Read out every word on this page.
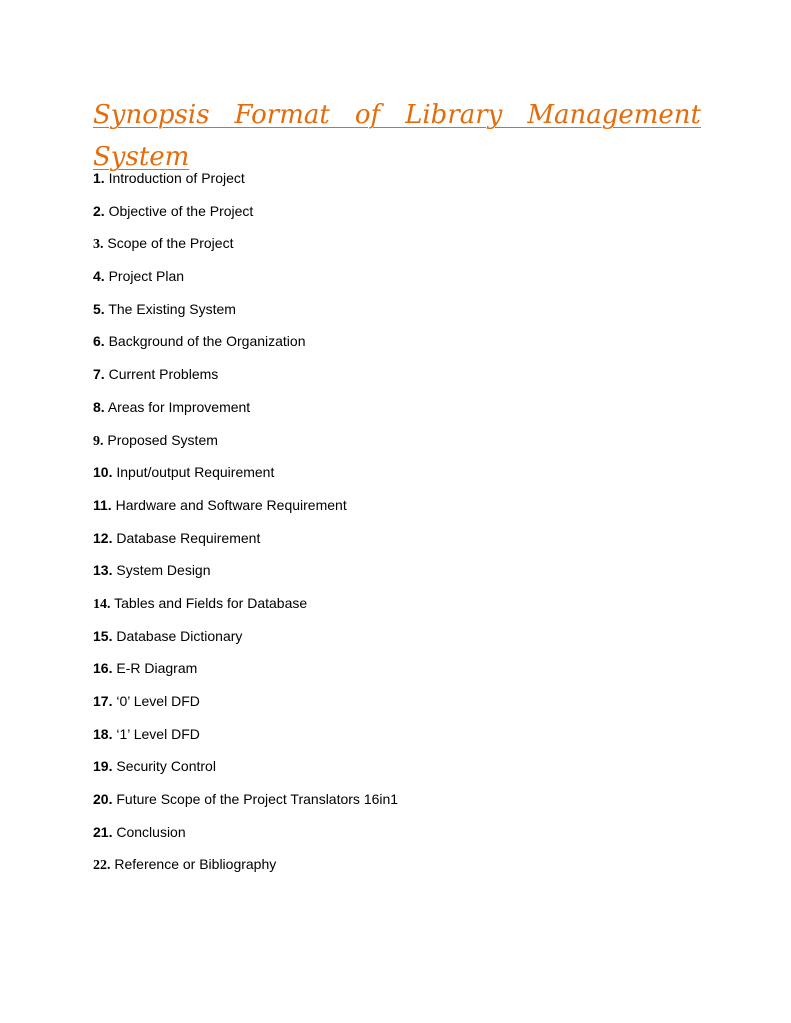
Synopsis Format of Library Management System
1. Introduction of Project
2. Objective of the Project
3. Scope of the Project
4. Project Plan
5. The Existing System
6. Background of the Organization
7. Current Problems
8. Areas for Improvement
9. Proposed System
10. Input/output Requirement
11. Hardware and Software Requirement
12. Database Requirement
13. System Design
14. Tables and Fields for Database
15. Database Dictionary
16. E-R Diagram
17. ‘0’ Level DFD
18. ‘1’ Level DFD
19. Security Control
20. Future Scope of the Project Translators 16in1
21. Conclusion
22. Reference or Bibliography
